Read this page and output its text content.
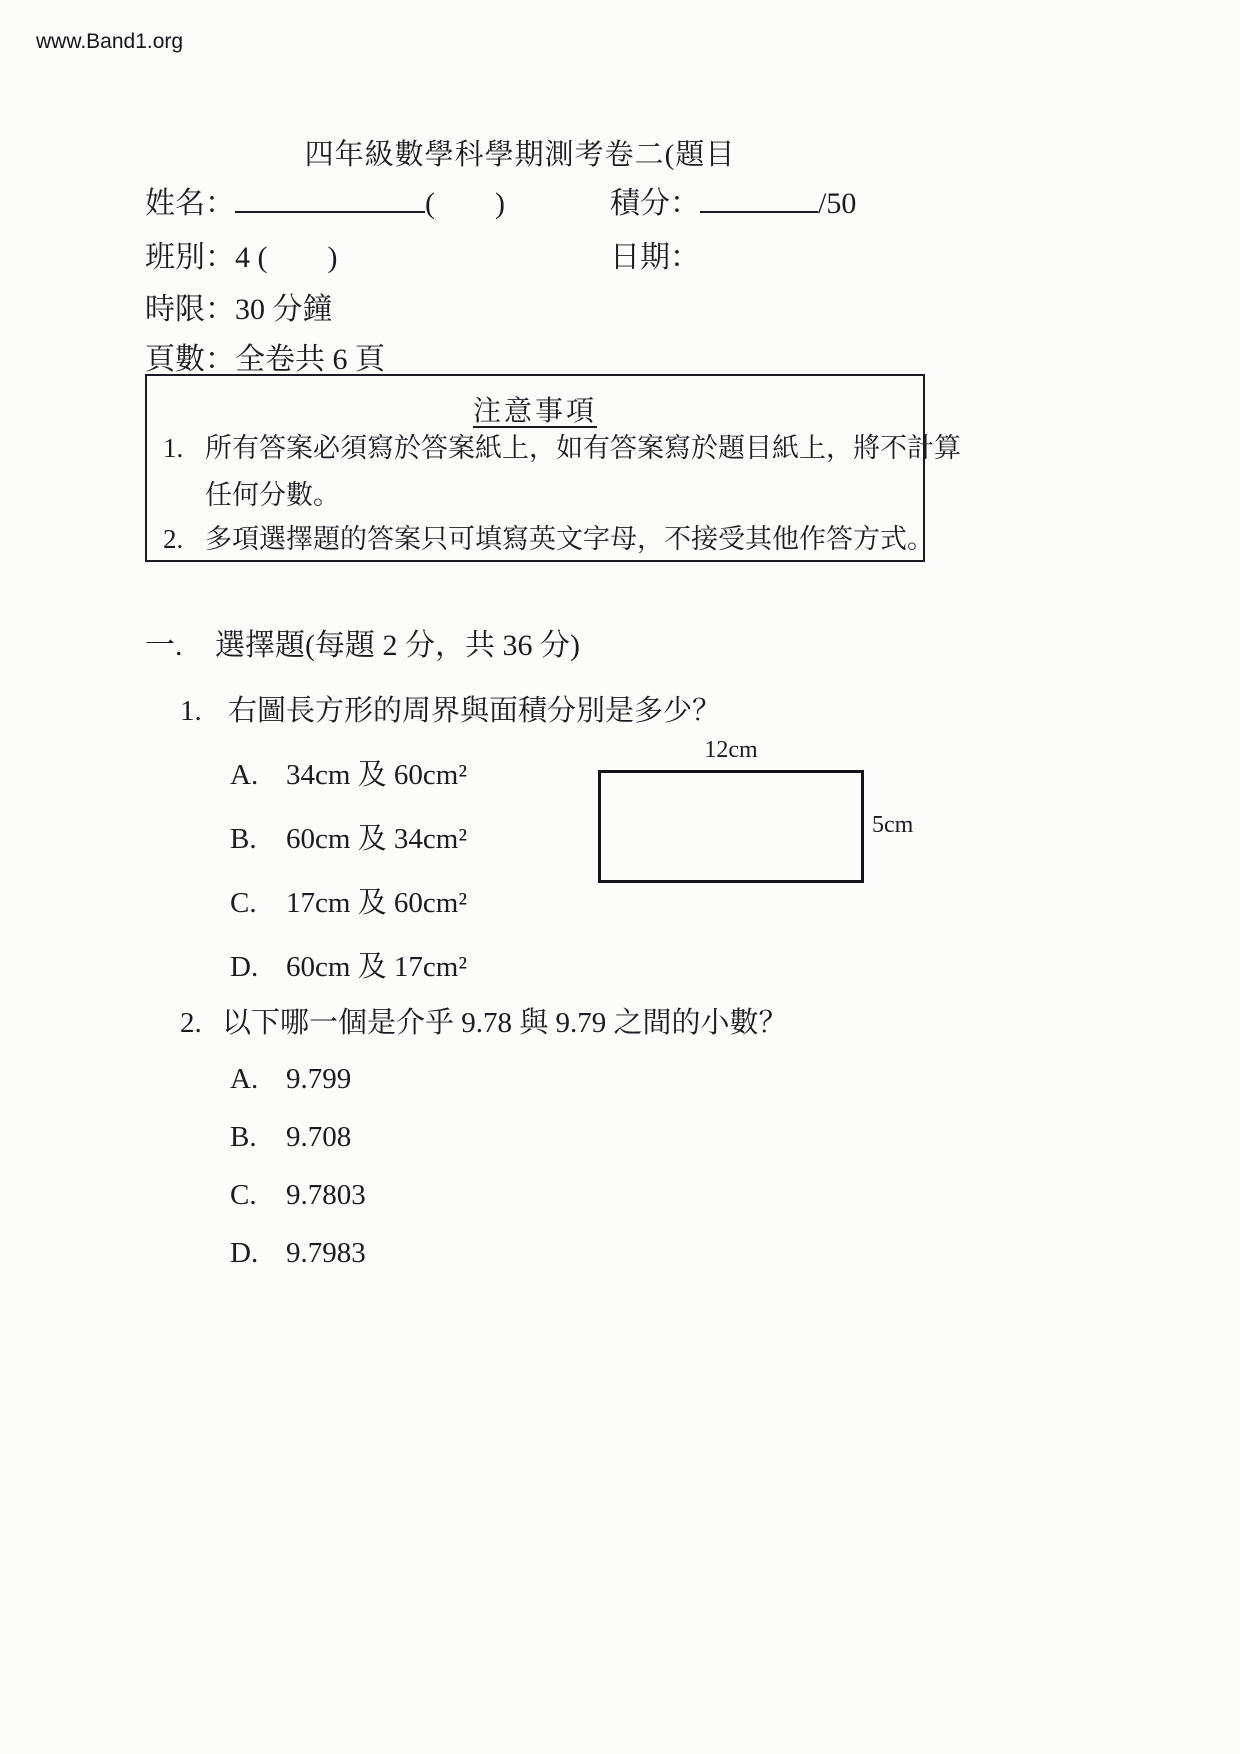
www.Band1.org
四年級數學科學期測考卷二(題目
姓名：	(　　)	積分：	/50
班別：4 (　　)	日期：
時限：30 分鐘
頁數：全卷共 6 頁
注意事項
1. 所有答案必須寫於答案紙上，如有答案寫於題目紙上，將不計算
任何分數。
2. 多項選擇題的答案只可填寫英文字母，不接受其他作答方式。
一.	選擇題(每題 2 分，共 36 分)
1. 右圖長方形的周界與面積分別是多少？
A. 34cm 及 60cm²
B.	60cm 及 34cm²
C.	17cm 及 60cm²
D. 60cm 及 17cm²
12cm
5cm
2. 以下哪一個是介乎 9.78 與 9.79 之間的小數？
A. 9.799
B.	9.708
C.	9.7803
D. 9.7983
